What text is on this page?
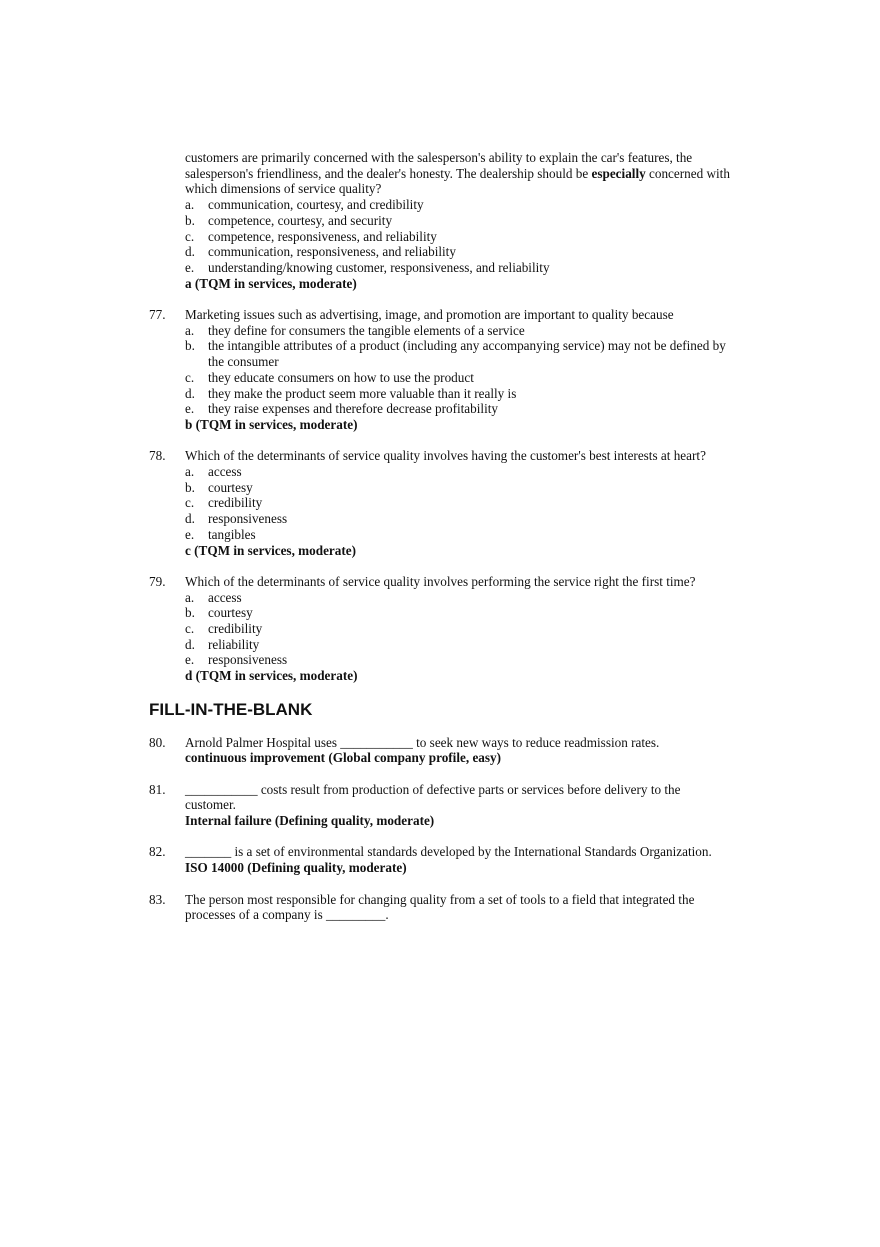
customers are primarily concerned with the salesperson's ability to explain the car's features, the salesperson's friendliness, and the dealer's honesty. The dealership should be especially concerned with which dimensions of service quality?
a. communication, courtesy, and credibility
b. competence, courtesy, and security
c. competence, responsiveness, and reliability
d. communication, responsiveness, and reliability
e. understanding/knowing customer, responsiveness, and reliability
a (TQM in services, moderate)
77. Marketing issues such as advertising, image, and promotion are important to quality because
a. they define for consumers the tangible elements of a service
b. the intangible attributes of a product (including any accompanying service) may not be defined by the consumer
c. they educate consumers on how to use the product
d. they make the product seem more valuable than it really is
e. they raise expenses and therefore decrease profitability
b (TQM in services, moderate)
78. Which of the determinants of service quality involves having the customer's best interests at heart?
a. access
b. courtesy
c. credibility
d. responsiveness
e. tangibles
c (TQM in services, moderate)
79. Which of the determinants of service quality involves performing the service right the first time?
a. access
b. courtesy
c. credibility
d. reliability
e. responsiveness
d (TQM in services, moderate)
FILL-IN-THE-BLANK
80. Arnold Palmer Hospital uses ___________ to seek new ways to reduce readmission rates.
continuous improvement (Global company profile, easy)
81. ___________ costs result from production of defective parts or services before delivery to the customer.
Internal failure (Defining quality, moderate)
82. _______ is a set of environmental standards developed by the International Standards Organization.
ISO 14000 (Defining quality, moderate)
83. The person most responsible for changing quality from a set of tools to a field that integrated the processes of a company is _________.
